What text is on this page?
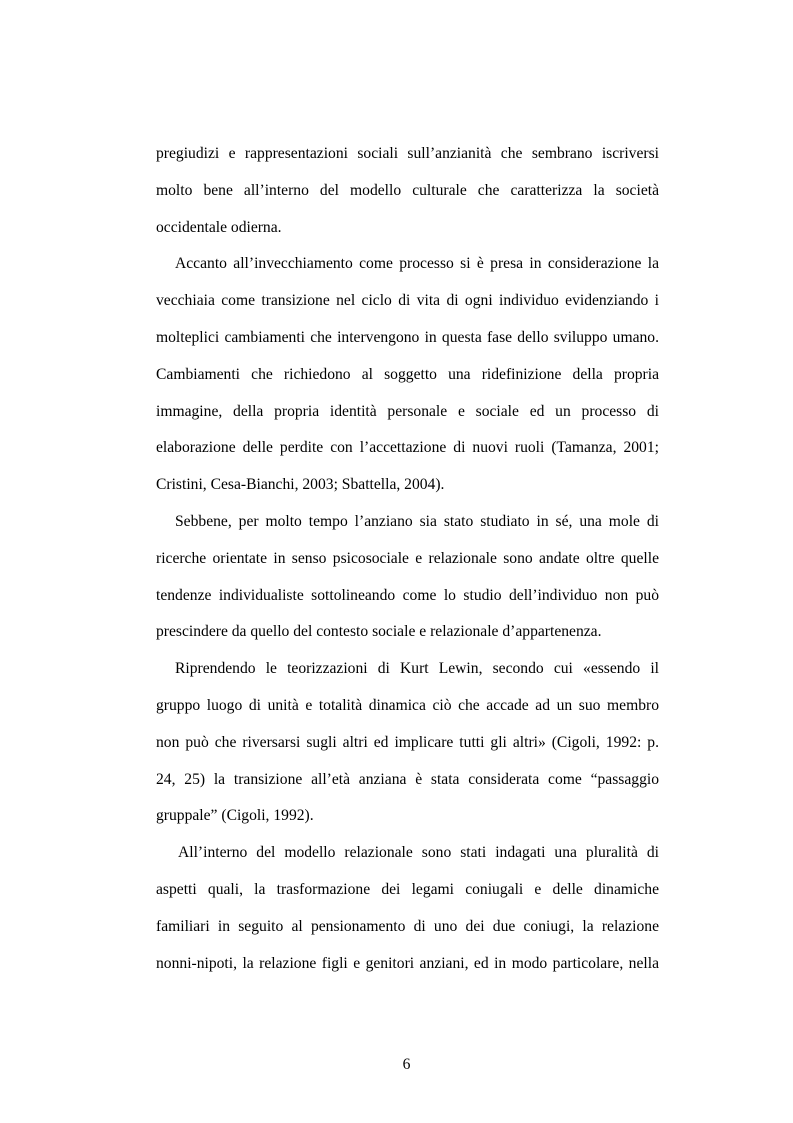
pregiudizi e rappresentazioni sociali sull’anzianità che sembrano iscriversi
molto bene all’interno del modello culturale che caratterizza la società
occidentale odierna.
Accanto all’invecchiamento come processo si è presa in considerazione la
vecchiaia come transizione nel ciclo di vita di ogni individuo evidenziando i
molteplici cambiamenti che intervengono in questa fase dello sviluppo umano.
Cambiamenti che richiedono al soggetto una ridefinizione della propria
immagine, della propria identità personale e sociale ed un processo di
elaborazione delle perdite con l’accettazione di nuovi ruoli (Tamanza, 2001;
Cristini, Cesa-Bianchi, 2003; Sbattella, 2004).
Sebbene, per molto tempo l’anziano sia stato studiato in sé, una mole di
ricerche orientate in senso psicosociale e relazionale sono andate oltre quelle
tendenze individualiste sottolineando come lo studio dell’individuo non può
prescindere da quello del contesto sociale e relazionale d’appartenenza.
Riprendendo le teorizzazioni di Kurt Lewin, secondo cui «essendo il
gruppo luogo di unità e totalità dinamica ciò che accade ad un suo membro
non può che riversarsi sugli altri ed implicare tutti gli altri» (Cigoli, 1992: p.
24, 25) la transizione all’età anziana è stata considerata come “passaggio
gruppale” (Cigoli, 1992).
All’interno del modello relazionale sono stati indagati una pluralità di
aspetti quali, la trasformazione dei legami coniugali e delle dinamiche
familiari in seguito al pensionamento di uno dei due coniugi, la relazione
nonni-nipoti, la relazione figli e genitori anziani, ed in modo particolare, nella
6
